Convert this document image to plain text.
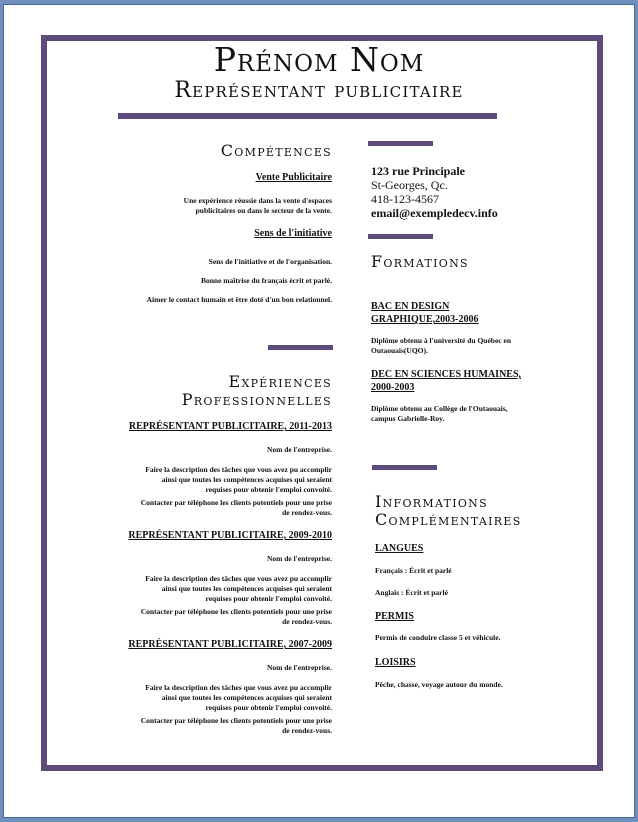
Prénom Nom
Représentant publicitaire
Compétences
Vente Publicitaire
Une expérience réussie dans la vente d'espaces
publicitaires ou dans le secteur de la vente.
Sens de l'initiative
Sens de l'initiative et de l'organisation.
Bonne maîtrise du français écrit et parlé.
Aimer le contact humain et être doté d'un bon relationnel.
Expériences
Professionnelles
REPRÉSENTANT PUBLICITAIRE, 2011-2013
Nom de l'entreprise.
Faire la description des tâches que vous avez pu accomplir
ainsi que toutes les compétences acquises qui seraient
requises pour obtenir l'emploi convoité.
Contacter par téléphone les clients potentiels pour une prise
de rendez-vous.
REPRÉSENTANT PUBLICITAIRE, 2009-2010
Nom de l'entreprise.
Faire la description des tâches que vous avez pu accomplir
ainsi que toutes les compétences acquises qui seraient
requises pour obtenir l'emploi convoité.
Contacter par téléphone les clients potentiels pour une prise
de rendez-vous.
REPRÉSENTANT PUBLICITAIRE, 2007-2009
Nom de l'entreprise.
Faire la description des tâches que vous avez pu accomplir
ainsi que toutes les compétences acquises qui seraient
requises pour obtenir l'emploi convoité.
Contacter par téléphone les clients potentiels pour une prise
de rendez-vous.
123 rue Principale
St-Georges, Qc.
418-123-4567
email@exempledecv.info
Formations
BAC EN DESIGN
GRAPHIQUE,2003-2006
Diplôme obtenu à l'université du Québec en
Outaouais(UQO).
DEC EN SCIENCES HUMAINES,
2000-2003
Diplôme obtenu au Collège de l'Outaouais,
campus Gabrielle-Roy.
Informations
Complémentaires
LANGUES
Français : Écrit et parlé
Anglais : Écrit et parlé
PERMIS
Permis de conduire classe 5 et véhicule.
LOISIRS
Pêche, chasse, voyage autour du monde.
